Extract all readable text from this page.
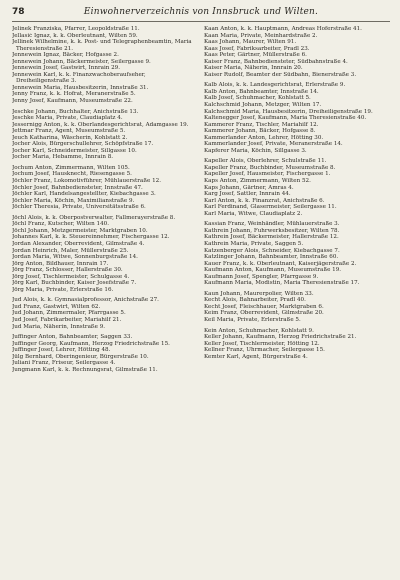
78	Einwohnerverzeichnis von Innsbruck und Wilten.

Jelinek Franziska, Pfarrer, Leopoldstraße 11.

Jellasić Ignaz, k. k. Oberleutnant, Wilten 59.

Jellinek Wilhelmine, k. k. Post- und Telegraphenbeamtin, Maria Theresienstraße 21.

Jennewein Ignaz, Bäcker, Hofgasse 2.

Jennewein Johann, Bäckermeister, Seilergasse 9.

Jennewein Josef, Gastwirt, Innrain 29.

Jennewein Karl, k. k. Finanzwachoberaufseher, Dreiheiligenstraße 3.

Jennewein Maria, Hausbesitzerin, Innstraße 31.

Jenny Franz, k. k. Hofrat, Meranerstraße 5.

Jenny Josef, Kaufmann, Museumstraße 22.

Jeschke Johann, Buchhalter, Anichstraße 13.

Jeschke Maria, Private, Claudiaplatz 4.

Jessernigg Anton, k. k. Oberlandesgerichtsrat, Adamgasse 19.

Jettmar Franz, Agent, Museumstraße 5.

Jeuch Katharina, Wäscherin, Kohlstatt 2.

Jocher Alois, Bürgerschullehrer, Schöpfstraße 17.

Jocher Karl, Schneidermeister, Sillgasse 10.

Jocher Maria, Hebamme, Innrain 8.

Jochum Anton, Zimmermann, Wilten 105.

Jochum Josef, Hausknecht, Riesengasse 5.

Jöchler Franz, Lokomotivführer, Mühlauerstraße 12.

Jöchler Josef, Bahnbediensteter, Innstraße 47.

Jöchler Karl, Handelsangestellter, Kiebachgasse 3.

Jöchler Maria, Köchin, Maximilianstraße 9.

Jöchler Theresia, Private, Universitätsstraße 6.

Jöchl Alois, k. k. Oberpostverwalter, Fallmerayerstraße 8.

Jöchl Franz, Kutscher, Wilten 140.

Jöchl Johann, Metzgermeister, Marktgraben 10.

Johannes Karl, k. k. Steuereinnehmer, Fischergasse 12.

Jordan Alexander, Oberrevident, Gilmstraße 4.

Jordan Heinrich, Maler, Müllerstraße 25.

Jordan Maria, Witwe, Sonnenburgstraße 14.

Jörg Anton, Bildhauer, Innrain 17.

Jörg Franz, Schlosser, Hallerstraße 30.

Jörg Josef, Tischlermeister, Schulgasse 4.

Jörg Karl, Buchbinder, Kaiser Josefstraße 7.

Jörg Maria, Private, Erlerstraße 16.

Jud Alois, k. k. Gymnasialprofessor, Anichstraße 27.

Jud Franz, Gastwirt, Wilten 62.

Jud Johann, Zimmermaler, Pfarrgasse 5.

Jud Josef, Fabrikarbeiter, Mariahilf 21.

Jud Maria, Näherin, Innstraße 9.

Juffinger Anton, Bahnbeamter, Saggen 33.

Juffinger Georg, Kaufmann, Herzog Friedrichstraße 15.

Juffinger Josef, Lehrer, Hötting 48.

Jülg Bernhard, Oberingenieur, Bürgerstraße 10.

Juliani Franz, Friseur, Seilergasse 4.

Jungmann Karl, k. k. Rechnungsrat, Gilmstraße 11.

Kaan Anton, k. k. Hauptmann, Andreas Hoferstraße 41.

Kaan Maria, Private, Meinhardstraße 2.

Kaas Johann, Maurer, Wilten 91.

Kaas Josef, Fabriksarbeiter, Pradl 23.

Kaas Peter, Gärtner, Müllerstraße 6.

Kaiser Franz, Bahnbediensteter, Südbahnstraße 4.

Kaiser Maria, Näherin, Innrain 20.

Kaiser Rudolf, Beamter der Südbahn, Bienerstraße 3.

Kalb Alois, k. k. Landesgerichtsrat, Erlerstraße 9.

Kalb Anton, Bahnbeamter, Innstraße 14.

Kalb Josef, Schuhmacher, Kohlstatt 5.

Kalchschmid Johann, Metzger, Wilten 17.

Kalchschmid Maria, Hausbesitzerin, Dreiheiligenstraße 19.

Kaltenegger Josef, Kaufmann, Maria Theresienstraße 40.

Kammerer Franz, Tischler, Mariahilf 12.

Kammerer Johann, Bäcker, Hofgasse 8.

Kammerlander Anton, Lehrer, Hötting 30.

Kammerlander Josef, Private, Meranerstraße 14.

Kapferer Maria, Köchin, Sillgasse 3.

Kapeller Alois, Oberlehrer, Schulstraße 11.

Kapeller Franz, Buchbinder, Museumstraße 8.

Kapeller Josef, Hausmeister, Fischergasse 1.

Kaps Anton, Zimmermann, Wilten 52.

Kaps Johann, Gärtner, Amras 4.

Karg Josef, Sattler, Innrain 44.

Karl Anton, k. k. Finanzrat, Anichstraße 6.

Karl Ferdinand, Glasermeister, Seilergasse 11.

Karl Maria, Witwe, Claudiaplatz 2.

Kassian Franz, Weinhändler, Mühlauerstraße 3.

Kathrein Johann, Fuhrwerksbesitzer, Wilten 78.

Kathrein Josef, Bäckermeister, Hallerstraße 12.

Kathrein Maria, Private, Saggen 5.

Katzenberger Alois, Schneider, Kiebachgasse 7.

Katzlinger Johann, Bahnbeamter, Innstraße 60.

Kauer Franz, k. k. Oberleutnant, Kaiserjägerstraße 2.

Kaufmann Anton, Kaufmann, Museumstraße 19.

Kaufmann Josef, Spengler, Pfarrgasse 9.

Kaufmann Maria, Modistin, Maria Theresienstraße 17.

Kaun Johann, Maurerpolier, Wilten 33.

Kecht Alois, Bahnarbeiter, Pradl 40.

Kecht Josef, Fleischhauer, Marktgraben 6.

Keim Franz, Oberrevident, Gilmstraße 20.

Keil Maria, Private, Erlerstraße 5.

Kein Anton, Schuhmacher, Kohlstatt 9.

Keller Johann, Kaufmann, Herzog Friedrichstraße 21.

Keller Josef, Tischlermeister, Hötting 12.

Kellner Franz, Uhrmacher, Seilergasse 15.

Kemter Karl, Agent, Bürgerstraße 4.
